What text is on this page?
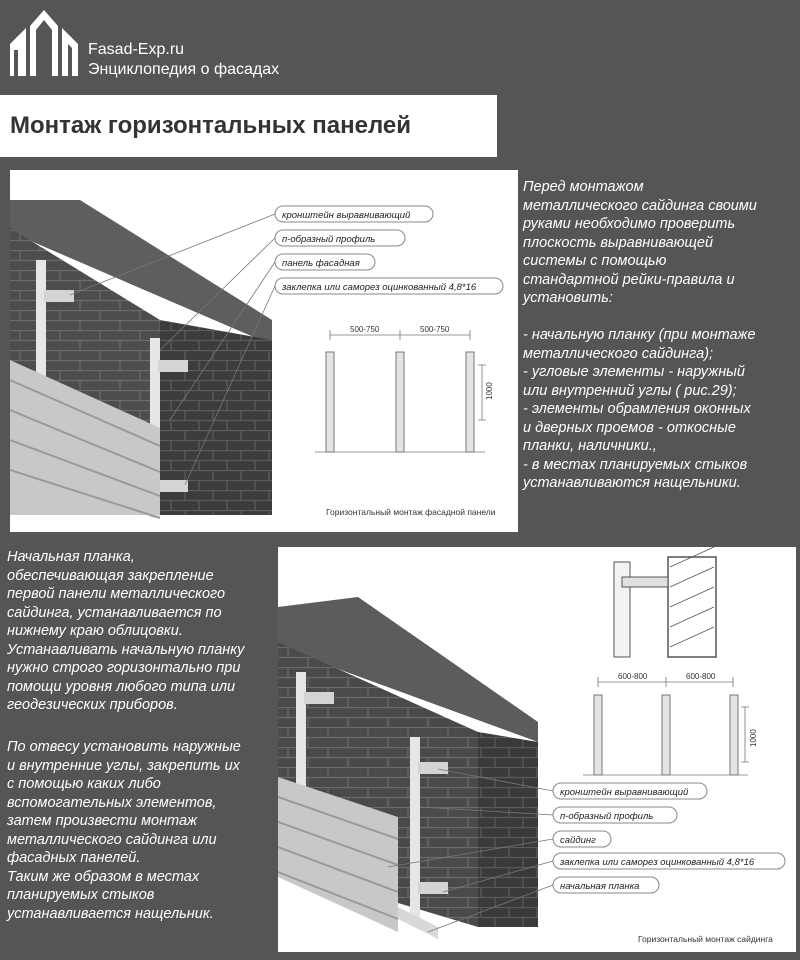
Fasad-Exp.ru
Энциклопедия о фасадах
Монтаж горизонтальных панелей
кронштейн выравнивающий
п-образный профиль
панель фасадная
заклепка или саморез оцинкованный 4,8*16
500-750	500-750
1000
Горизонтальный монтаж фасадной панели
Перед монтажом
металлического сайдинга своими
руками необходимо проверить
плоскость выравнивающей
системы с помощью
стандартной рейки-правила и
установить:

- начальную планку (при монтаже
металлического сайдинга);
- угловые элементы - наружный
или внутренний углы ( рис.29);
- элементы обрамления оконных
и дверных проемов - откосные
планки, наличники.,
- в местах планируемых стыков
устанавливаются нащельники.
Начальная планка,
обеспечивающая закрепление
первой панели металлического
сайдинга, устанавливается по
нижнему краю облицовки.
Устанавливать начальную планку
нужно строго горизонтально при
помощи уровня любого типа или
геодезических приборов.
По отвесу установить наружные
и внутренние углы, закрепить их
с помощью каких либо
вспомогательных элементов,
затем произвести монтаж
металлического сайдинга или
фасадных панелей.
Таким же образом в местах
планируемых стыков
устанавливается нащельник.
600-800	600-800
1000
Горизонтальный монтаж сайдинга
кронштейн выравнивающий
п-образный профиль
сайдинг
заклепка или саморез оцинкованный 4,8*16
начальная планка
